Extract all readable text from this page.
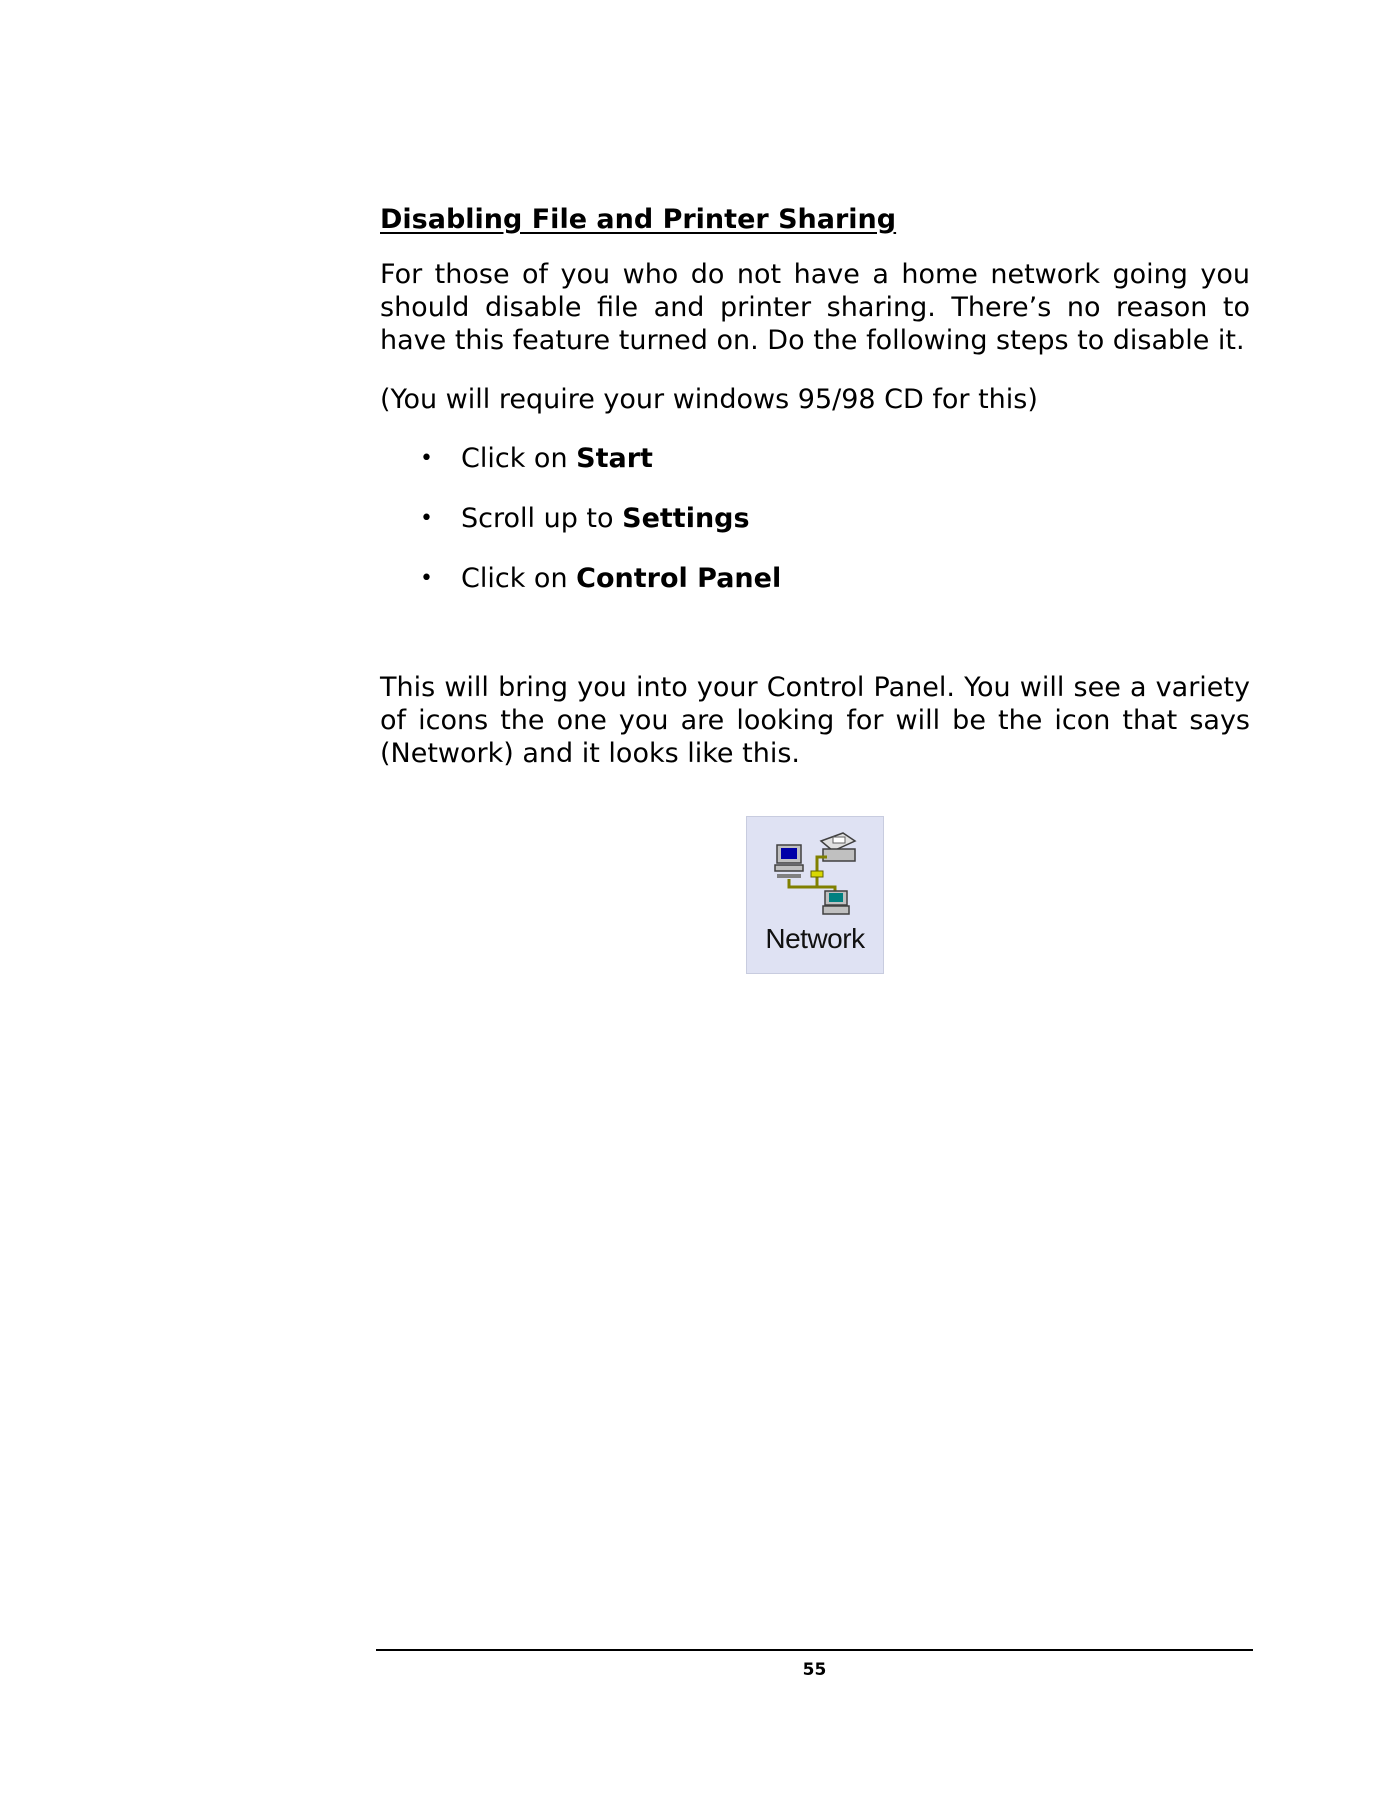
Disabling File and Printer Sharing

For those of you who do not have a home network going you should disable file and printer sharing. There’s no reason to have this feature turned on. Do the following steps to disable it.

(You will require your windows 95/98 CD for this)

• Click on Start
• Scroll up to Settings
• Click on Control Panel

This will bring you into your Control Panel. You will see a variety of icons the one you are looking for will be the icon that says (Network) and it looks like this.

Network
55
